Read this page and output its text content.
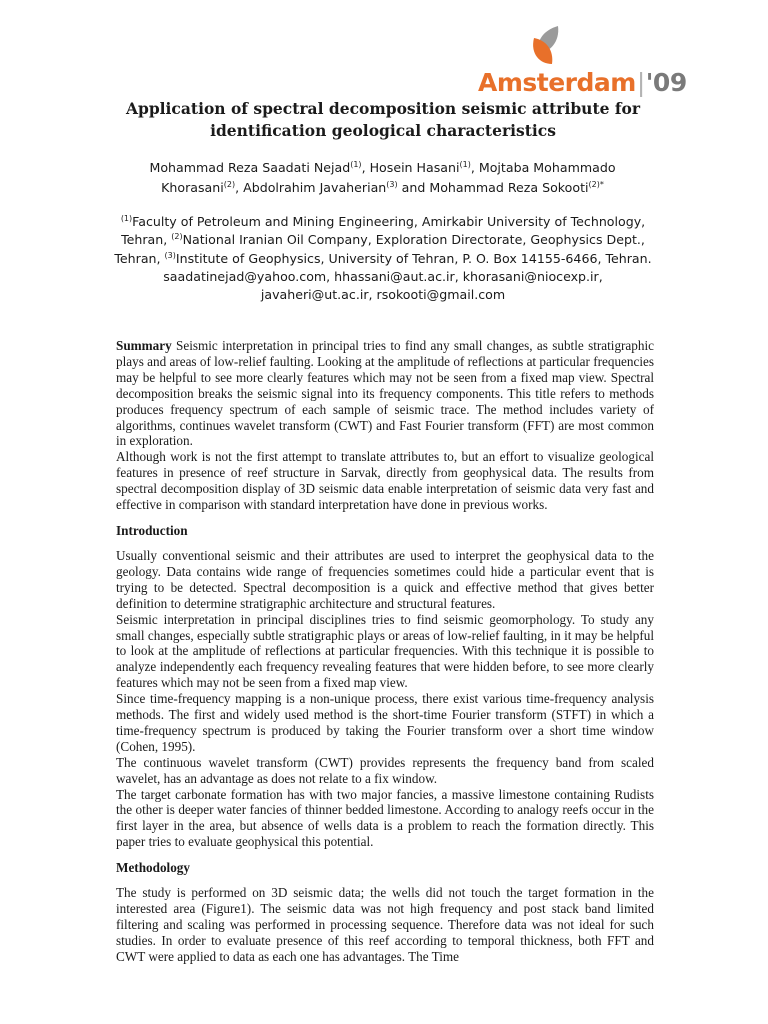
Amsterdam|'09
Application of spectral decomposition seismic attribute for
identification geological characteristics
Mohammad Reza Saadati Nejad$^{(1)}$, Hosein Hasani$^{(1)}$, Mojtaba Mohammado Khorasani$^{(2)}$, Abdolrahim Javaherian$^{(3)}$ and Mohammad Reza Sokooti$^{(2)*}$
$^{(1)}$Faculty of Petroleum and Mining Engineering, Amirkabir University of Technology, Tehran, $^{(2)}$National Iranian Oil Company, Exploration Directorate, Geophysics Dept., Tehran, $^{(3)}$Institute of Geophysics, University of Tehran, P. O. Box 14155-6466, Tehran.
saadatinejad@yahoo.com, hhassani@aut.ac.ir, khorasani@niocexp.ir,
javaheri@ut.ac.ir, rsokooti@gmail.com

Summary Seismic interpretation in principal tries to find any small changes, as subtle stratigraphic plays and areas of low-relief faulting. Looking at the amplitude of reflections at particular frequencies may be helpful to see more clearly features which may not be seen from a fixed map view. Spectral decomposition breaks the seismic signal into its frequency components. This title refers to methods produces frequency spectrum of each sample of seismic trace. The method includes variety of algorithms, continues wavelet transform (CWT) and Fast Fourier transform (FFT) are most common in exploration.

Although work is not the first attempt to translate attributes to, but an effort to visualize geological features in presence of reef structure in Sarvak, directly from geophysical data. The results from spectral decomposition display of 3D seismic data enable interpretation of seismic data very fast and effective in comparison with standard interpretation have done in previous works.

Introduction

Usually conventional seismic and their attributes are used to interpret the geophysical data to the geology. Data contains wide range of frequencies sometimes could hide a particular event that is trying to be detected. Spectral decomposition is a quick and effective method that gives better definition to determine stratigraphic architecture and structural features.

Seismic interpretation in principal disciplines tries to find seismic geomorphology. To study any small changes, especially subtle stratigraphic plays or areas of low-relief faulting, in it may be helpful to look at the amplitude of reflections at particular frequencies. With this technique it is possible to analyze independently each frequency revealing features that were hidden before, to see more clearly features which may not be seen from a fixed map view.

Since time-frequency mapping is a non-unique process, there exist various time-frequency analysis methods. The first and widely used method is the short-time Fourier transform (STFT) in which a time-frequency spectrum is produced by taking the Fourier transform over a short time window (Cohen, 1995).

The continuous wavelet transform (CWT) provides represents the frequency band from scaled wavelet, has an advantage as does not relate to a fix window.

The target carbonate formation has with two major fancies, a massive limestone containing Rudists the other is deeper water fancies of thinner bedded limestone. According to analogy reefs occur in the first layer in the area, but absence of wells data is a problem to reach the formation directly. This paper tries to evaluate geophysical this potential.

Methodology

The study is performed on 3D seismic data; the wells did not touch the target formation in the interested area (Figure1). The seismic data was not high frequency and post stack band limited filtering and scaling was performed in processing sequence. Therefore data was not ideal for such studies. In order to evaluate presence of this reef according to temporal thickness, both FFT and CWT were applied to data as each one has advantages. The Time
